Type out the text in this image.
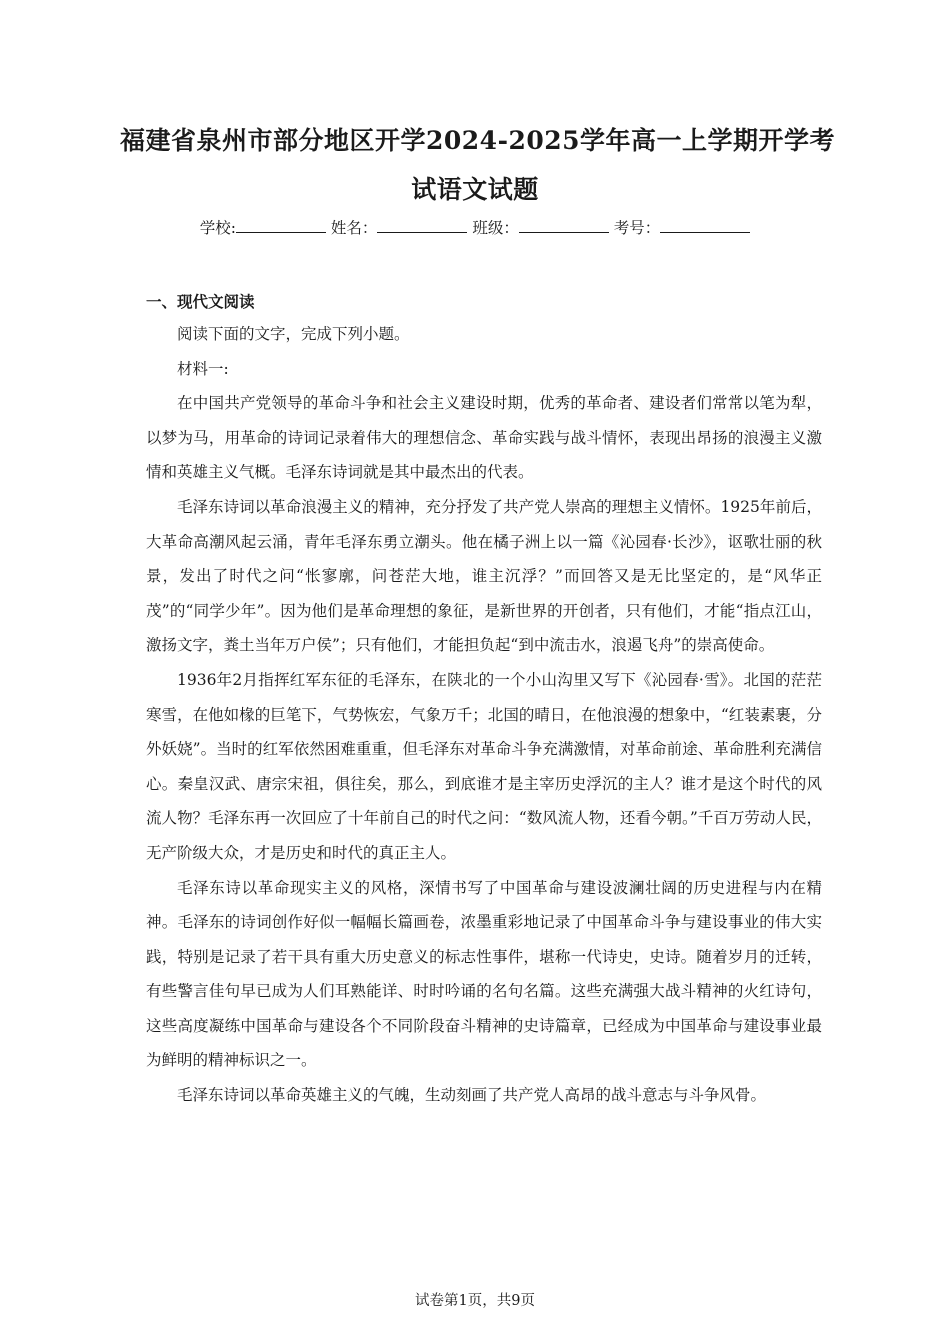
福建省泉州市部分地区开学2024-2025学年高一上学期开学考
试语文试题
学校:	姓名：	班级：	考号：
一、现代文阅读

阅读下面的文字，完成下列小题。

材料一:

在中国共产党领导的革命斗争和社会主义建设时期，优秀的革命者、建设者们常常以笔为犁，以梦为马，用革命的诗词记录着伟大的理想信念、革命实践与战斗情怀，表现出昂扬的浪漫主义激情和英雄主义气概。毛泽东诗词就是其中最杰出的代表。

毛泽东诗词以革命浪漫主义的精神，充分抒发了共产党人崇高的理想主义情怀。1925年前后，大革命高潮风起云涌，青年毛泽东勇立潮头。他在橘子洲上以一篇《沁园春·长沙》，讴歌壮丽的秋景，发出了时代之问“怅寥廓，问苍茫大地，谁主沉浮？”而回答又是无比坚定的，是“风华正茂”的“同学少年”。因为他们是革命理想的象征，是新世界的开创者，只有他们，才能“指点江山，激扬文字，粪土当年万户侯”；只有他们，才能担负起“到中流击水，浪遏飞舟”的崇高使命。

1936年2月指挥红军东征的毛泽东，在陕北的一个小山沟里又写下《沁园春·雪》。北国的茫茫寒雪，在他如椽的巨笔下，气势恢宏，气象万千；北国的晴日，在他浪漫的想象中，“红装素裹，分外妖娆”。当时的红军依然困难重重，但毛泽东对革命斗争充满激情，对革命前途、革命胜利充满信心。秦皇汉武、唐宗宋祖，俱往矣，那么，到底谁才是主宰历史浮沉的主人？谁才是这个时代的风流人物？毛泽东再一次回应了十年前自己的时代之问：“数风流人物，还看今朝。”千百万劳动人民，无产阶级大众，才是历史和时代的真正主人。

毛泽东诗以革命现实主义的风格，深情书写了中国革命与建设波澜壮阔的历史进程与内在精神。毛泽东的诗词创作好似一幅幅长篇画卷，浓墨重彩地记录了中国革命斗争与建设事业的伟大实践，特别是记录了若干具有重大历史意义的标志性事件，堪称一代诗史，史诗。随着岁月的迁转，有些警言佳句早已成为人们耳熟能详、时时吟诵的名句名篇。这些充满强大战斗精神的火红诗句，这些高度凝练中国革命与建设各个不同阶段奋斗精神的史诗篇章，已经成为中国革命与建设事业最为鲜明的精神标识之一。

毛泽东诗词以革命英雄主义的气魄，生动刻画了共产党人高昂的战斗意志与斗争风骨。

试卷第1页，共9页
